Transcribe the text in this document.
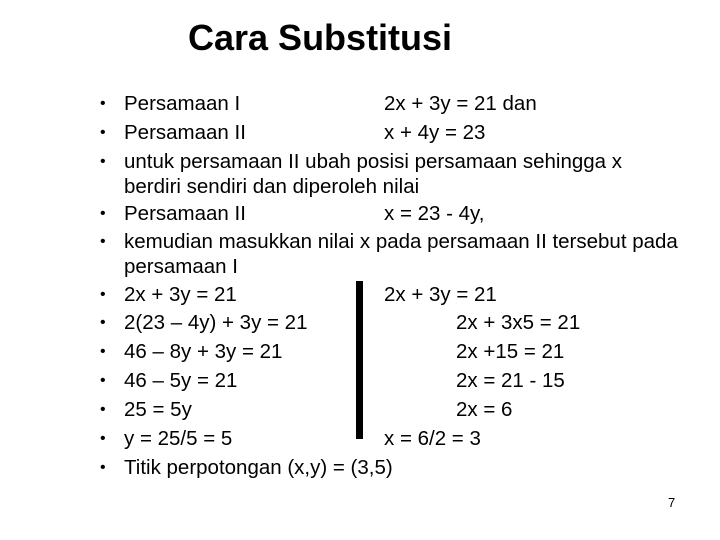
Cara Substitusi
• Persamaan I	2x + 3y = 21 dan
• Persamaan II	x + 4y = 23
• untuk persamaan II ubah posisi persamaan sehingga x
berdiri sendiri dan diperoleh nilai
• Persamaan II	x = 23 - 4y,
• kemudian masukkan nilai x pada persamaan II tersebut pada
persamaan I
• 2x + 3y = 21	2x + 3y = 21
• 2(23 – 4y) + 3y = 21	2x + 3x5 = 21
• 46 – 8y + 3y = 21	2x +15 = 21
• 46 – 5y = 21	2x = 21 - 15
• 25 = 5y	2x = 6
• y = 25/5 = 5	x = 6/2 = 3
• Titik perpotongan (x,y) = (3,5)
7
